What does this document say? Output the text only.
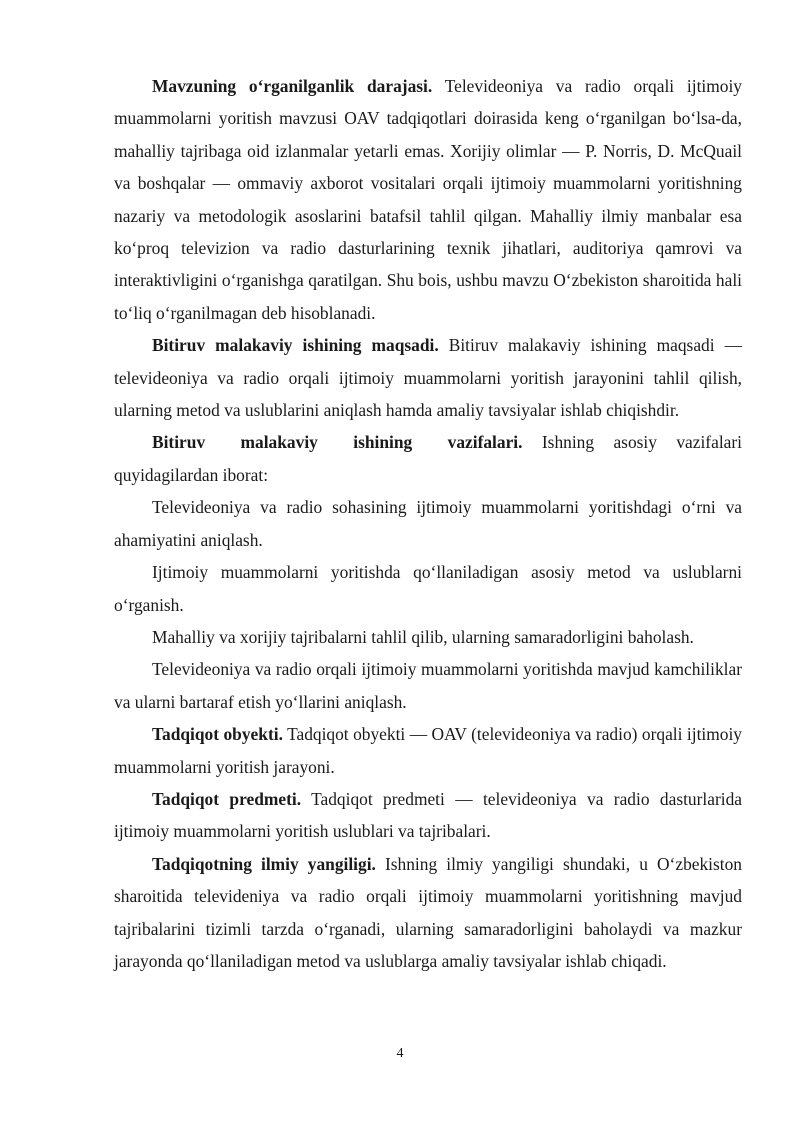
Mavzuning o‘rganilganlik darajasi. Televideoniya va radio orqali ijtimoiy muammolarni yoritish mavzusi OAV tadqiqotlari doirasida keng o‘rganilgan bo‘lsa-da, mahalliy tajribaga oid izlanmalar yetarli emas. Xorijiy olimlar — P. Norris, D. McQuail va boshqalar — ommaviy axborot vositalari orqali ijtimoiy muammolarni yoritishning nazariy va metodologik asoslarini batafsil tahlil qilgan. Mahalliy ilmiy manbalar esa ko‘proq televizion va radio dasturlarining texnik jihatlari, auditoriya qamrovi va interaktivligini o‘rganishga qaratilgan. Shu bois, ushbu mavzu O‘zbekiston sharoitida hali to‘liq o‘rganilmagan deb hisoblanadi.

Bitiruv malakaviy ishining maqsadi. Bitiruv malakaviy ishining maqsadi — televideoniya va radio orqali ijtimoiy muammolarni yoritish jarayonini tahlil qilish, ularning metod va uslublarini aniqlash hamda amaliy tavsiyalar ishlab chiqishdir.

Bitiruv malakaviy ishining vazifalari. Ishning asosiy vazifalari quyidagilardan iborat:

Televideoniya va radio sohasining ijtimoiy muammolarni yoritishdagi o‘rni va ahamiyatini aniqlash.

Ijtimoiy muammolarni yoritishda qo‘llaniladigan asosiy metod va uslublarni o‘rganish.

Mahalliy va xorijiy tajribalarni tahlil qilib, ularning samaradorligini baholash.

Televideoniya va radio orqali ijtimoiy muammolarni yoritishda mavjud kamchiliklar va ularni bartaraf etish yo‘llarini aniqlash.

Tadqiqot obyekti. Tadqiqot obyekti — OAV (televideoniya va radio) orqali ijtimoiy muammolarni yoritish jarayoni.

Tadqiqot predmeti. Tadqiqot predmeti — televideoniya va radio dasturlarida ijtimoiy muammolarni yoritish uslublari va tajribalari.

Tadqiqotning ilmiy yangiligi. Ishning ilmiy yangiligi shundaki, u O‘zbekiston sharoitida televideniya va radio orqali ijtimoiy muammolarni yoritishning mavjud tajribalarini tizimli tarzda o‘rganadi, ularning samaradorligini baholaydi va mazkur jarayonda qo‘llaniladigan metod va uslublarga amaliy tavsiyalar ishlab chiqadi.

4
